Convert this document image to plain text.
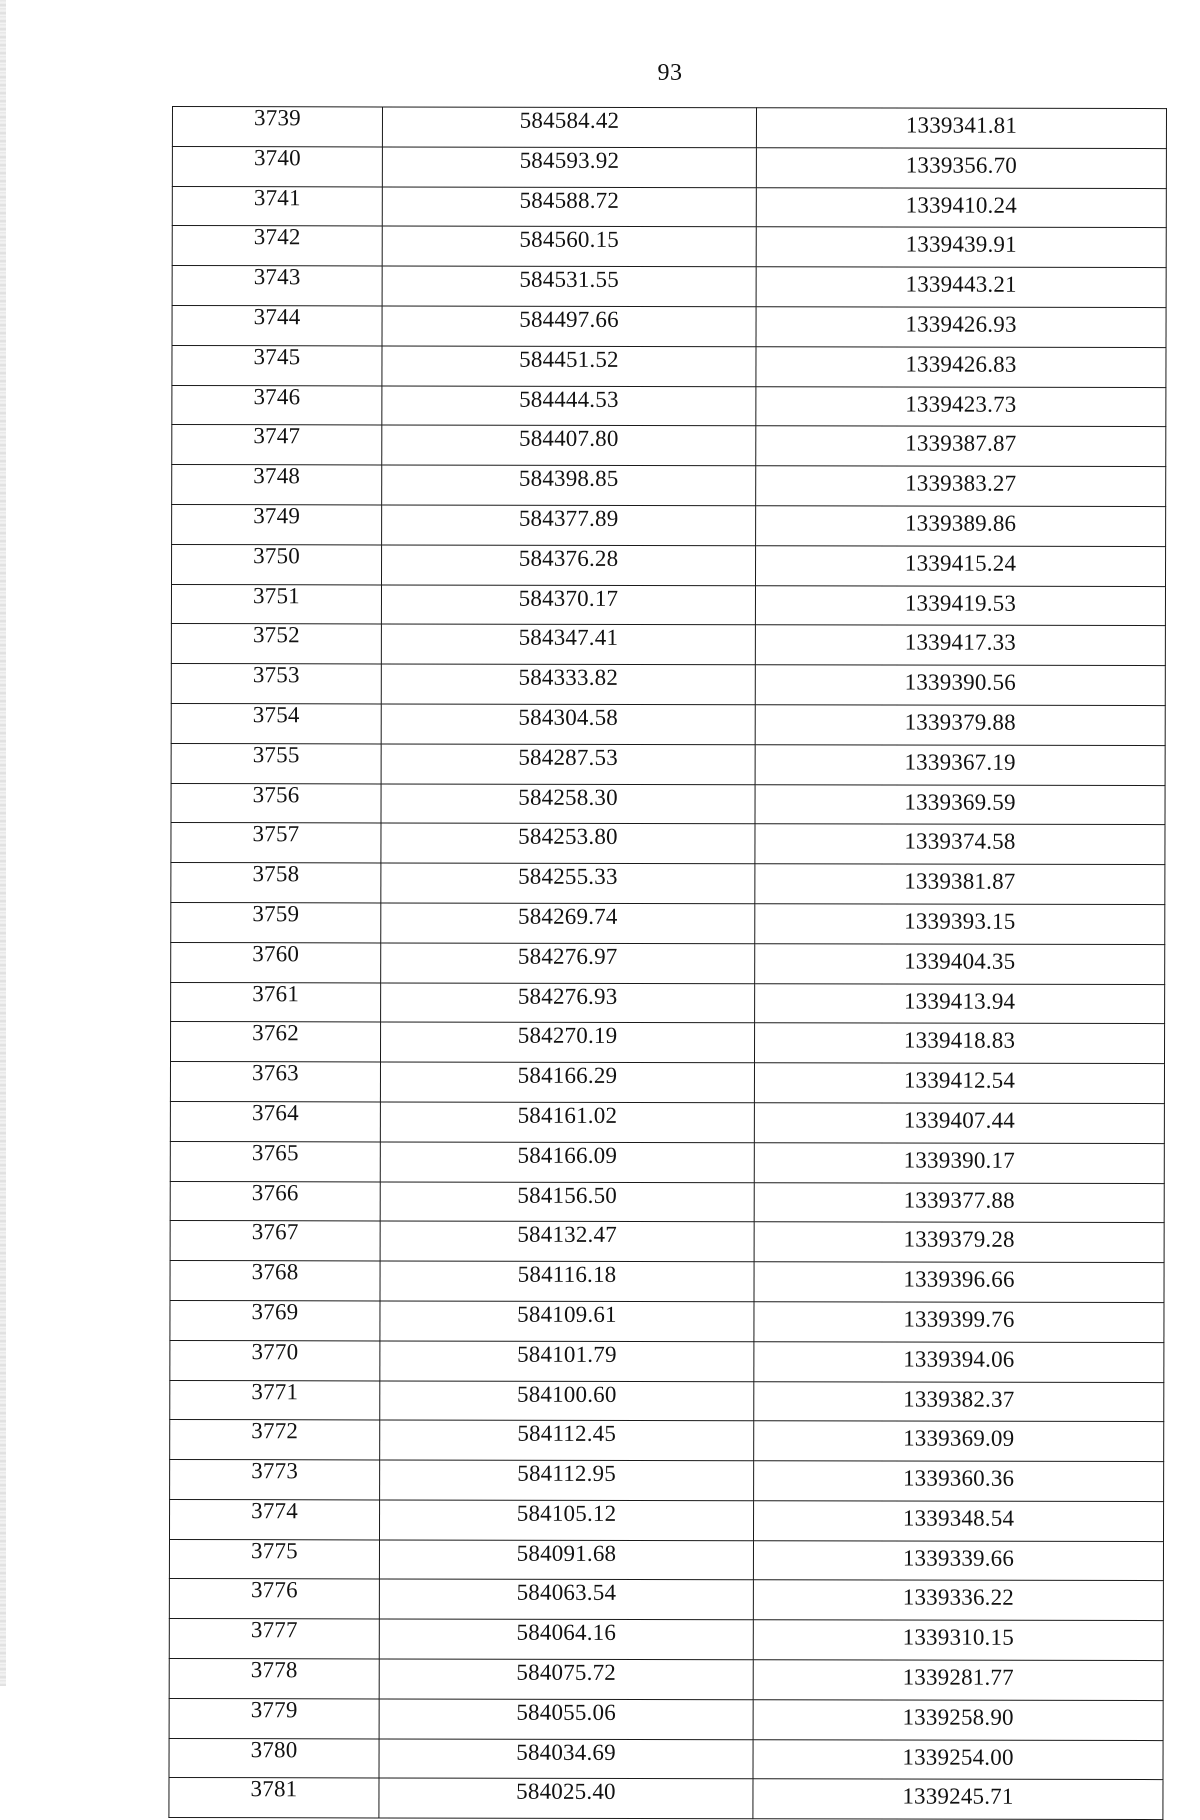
93
3739	584584.42	1339341.81
3740	584593.92	1339356.70
3741	584588.72	1339410.24
3742	584560.15	1339439.91
3743	584531.55	1339443.21
3744	584497.66	1339426.93
3745	584451.52	1339426.83
3746	584444.53	1339423.73
3747	584407.80	1339387.87
3748	584398.85	1339383.27
3749	584377.89	1339389.86
3750	584376.28	1339415.24
3751	584370.17	1339419.53
3752	584347.41	1339417.33
3753	584333.82	1339390.56
3754	584304.58	1339379.88
3755	584287.53	1339367.19
3756	584258.30	1339369.59
3757	584253.80	1339374.58
3758	584255.33	1339381.87
3759	584269.74	1339393.15
3760	584276.97	1339404.35
3761	584276.93	1339413.94
3762	584270.19	1339418.83
3763	584166.29	1339412.54
3764	584161.02	1339407.44
3765	584166.09	1339390.17
3766	584156.50	1339377.88
3767	584132.47	1339379.28
3768	584116.18	1339396.66
3769	584109.61	1339399.76
3770	584101.79	1339394.06
3771	584100.60	1339382.37
3772	584112.45	1339369.09
3773	584112.95	1339360.36
3774	584105.12	1339348.54
3775	584091.68	1339339.66
3776	584063.54	1339336.22
3777	584064.16	1339310.15
3778	584075.72	1339281.77
3779	584055.06	1339258.90
3780	584034.69	1339254.00
3781	584025.40	1339245.71
